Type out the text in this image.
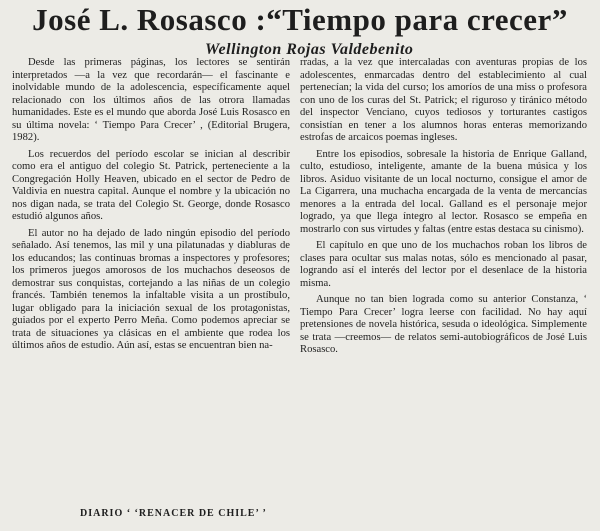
José L. Rosasco :“Tiempo para crecer”
Wellington Rojas Valdebenito

Desde las primeras páginas, los lectores se sentirán interpretados —a la vez que recordarán— el fascinante e inolvidable mundo de la adolescencia, específicamente aquel relacionado con los últimos años de las otrora llamadas humanidades. Este es el mundo que aborda José Luis Rosasco en su última novela: ‘ Tiempo Para Crecer’ , (Editorial Brugera, 1982).

Los recuerdos del período escolar se inician al describir como era el antiguo del colegio St. Patrick, perteneciente a la Congregación Holly Heaven, ubicado en el sector de Pedro de Valdivia en nuestra capital. Aunque el nombre y la ubicación no nos digan nada, se trata del Colegio St. George, donde Rosasco estudió algunos años.

El autor no ha dejado de lado ningún episodio del período señalado. Así tenemos, las mil y una pilatunadas y diabluras de los educandos; las continuas bromas a inspectores y profesores; los primeros juegos amorosos de los muchachos deseosos de demostrar sus conquistas, cortejando a las niñas de un colegio francés. También tenemos la infaltable visita a un prostíbulo, lugar obligado para la iniciación sexual de los protagonistas, guiados por el experto Perro Meña. Como podemos apreciar se trata de situaciones ya clásicas en el ambiente que rodea los últimos años de estudio. Aún así, estas se encuentran bien na-

rradas, a la vez que intercaladas con aventuras propias de los adolescentes, enmarcadas dentro del establecimiento al cual pertenecían; la vida del curso; los amoríos de una miss o profesora con uno de los curas del St. Patrick; el riguroso y tiránico método del inspector Venciano, cuyos tediosos y torturantes castigos consistían en tener a los alumnos horas enteras memorizando estrofas de arcaicos poemas ingleses.

Entre los episodios, sobresale la historia de Enrique Galland, culto, estudioso, inteligente, amante de la buena música y los libros. Asiduo visitante de un local nocturno, consigue el amor de La Cigarrera, una muchacha encargada de la venta de mercancías menores a la entrada del local. Galland es el personaje mejor logrado, ya que llega íntegro al lector. Rosasco se empeña en mostrarlo con sus virtudes y faltas (entre estas destaca su cinismo).

El capítulo en que uno de los muchachos roban los libros de clases para ocultar sus malas notas, sólo es mencionado al pasar, logrando así el interés del lector por el desenlace de la historia misma.

Aunque no tan bien lograda como su anterior Constanza, ‘ Tiempo Para Crecer’ logra leerse con facilidad. No hay aquí pretensiones de novela histórica, sesuda o ideológica. Simplemente se trata —creemos— de relatos semi-autobiográficos de José Luis Rosasco.

DIARIO ‘ ‘RENACER DE CHILE’ ’
